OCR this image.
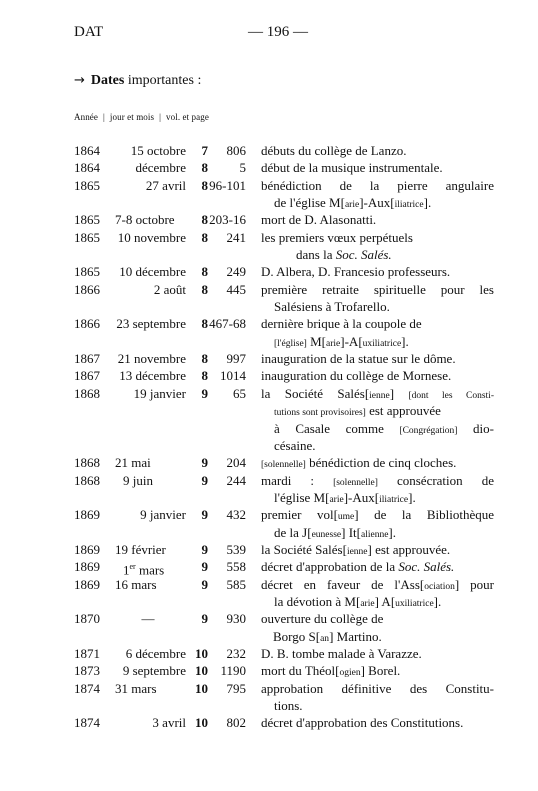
DAT	— 196 —
→ Dates importantes :
Année | jour et mois | vol. et page
1864	15 octobre	7	806 débuts du collège de Lanzo.
1864	décembre	8	5 début de la musique instrumentale.
1865	27 avril	8 96-101 bénédiction de la pierre angulaire
de l'église M[arie]-Aux[iliatrice].
1865 7-8 octobre	8 203-16 mort de D. Alasonatti.
1865	10 novembre	8	241 les premiers vœux perpétuels
dans la Soc. Salés.
1865	10 décembre	8	249 D. Albera, D. Francesio professeurs.
1866	2 août	8	445 première retraite spirituelle pour les
Salésiens à Trofarello.
1866	23 septembre	8 467-68 dernière brique à la coupole de
[l'église] M[arie]-A[uxiliatrice].
1867	21 novembre	8	997 inauguration de la statue sur le dôme.
1867	13 décembre	8 1014 inauguration du collège de Mornese.
1868	19 janvier	9	65 la Société Salés[ienne] [dont les Consti-
tutions sont provisoires] est approuvée
à Casale comme [Congrégation] dio-
césaine.
1868 21 mai	9	204 [solennelle] bénédiction de cinq cloches.
1868 9 juin	9	244 mardi : [solennelle] consécration de
l'église M[arie]-Aux[iliatrice].
1869	9 janvier	9	432 premier vol[ume] de la Bibliothèque
de la J[eunesse] It[alienne].
1869 19 février	9	539 la Société Salés[ienne] est approuvée.
1869 1er mars	9	558 décret d'approbation de la Soc. Salés.
1869 16 mars	9	585 décret en faveur de l'Ass[ociation] pour
la dévotion à M[arie] A[uxiliatrice].
1870	—	9	930 ouverture du collège de
Borgo S[an] Martino.
1871	6 décembre 10	232 D. B. tombe malade à Varazze.
1873	9 septembre 10 1190 mort du Théol[ogien] Borel.
1874 31 mars	10	795 approbation définitive des Constitu-
tions.
1874	3 avril 10	802 décret d'approbation des Constitutions.
